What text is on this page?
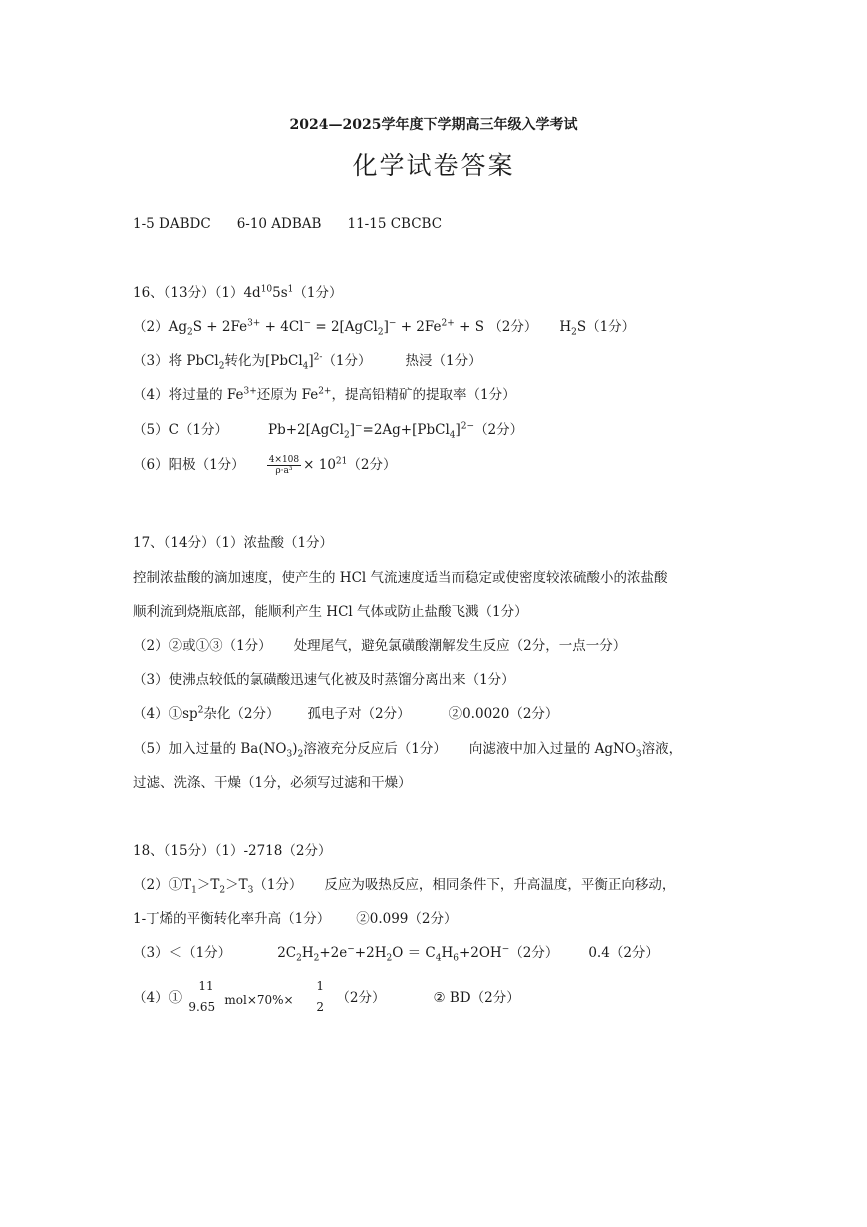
2024—2025学年度下学期高三年级入学考试
化学试卷答案
1-5 DABDC 6-10 ADBAB 11-15 CBCBC
16、（13分）$(1)4d^{10}5s^1(1$分）
$(2)Ag_2S + 2Fe^{3+} + 4Cl^-$ = 2[AgCl$_2$]− + $2Fe^{2+} + S$ （2分） $H_2S(1$分）
（3）将 PbCl$_2$转化为[PbCl$_4$]$^{2-}$（1分）	热浸（1分）
（4）将过量的 $Fe^{3+}$还原为 $Fe^{2+}$，提高铅精矿的提取率（1分）
（5）C（1分）	Pb+2[AgCl$_2$]−=2Ag+[PbCl$_4$]$^{2-}$（2分）
（6）阳极（1分） $\frac{4\times 108}{\text{ρ·a³}} \times 10^{21}(2$分）
17、（14分）（1）浓盐酸（1分）
控制浓盐酸的滴加速度，使产生的 HCl 气流速度适当而稳定或使密度较浓硫酸小的浓盐酸
顺利流到烧瓶底部，能顺利产生 HCl 气体或防止盐酸飞溅（1分）
（2）②或①③（1分） 处理尾气，避免氯磺酸潮解发生反应（2分，一点一分）
（3）使沸点较低的氯磺酸迅速气化被及时蒸馏分离出来（1分）
$(4)①sp^2$杂化（2分） 孤电子对（2分）	②0.0020（2分）
（5）加入过量的 $Ba(NO_3)_2$溶液充分反应后（1分） 向滤液中加入过量的 AgNO$_3$溶液，
过滤、洗涤、干燥（1分，必须写过滤和干燥）
18、（15分）（1）-2718（2分）
$(2)①T_1>T_2>T_3(1$分） 反应为吸热反应，相同条件下，升高温度，平衡正向移动，
1-丁烯的平衡转化率升高（1分） ②0.099（2分）
（3）＜（1分）	$2C_2H_2+2e^-+2H_2O = C_4H_6+2OH^-(2$分） 0.4（2分）
（4）①
11
9.65 mol×70%×
1
2
（2分）	② BD（2分）
